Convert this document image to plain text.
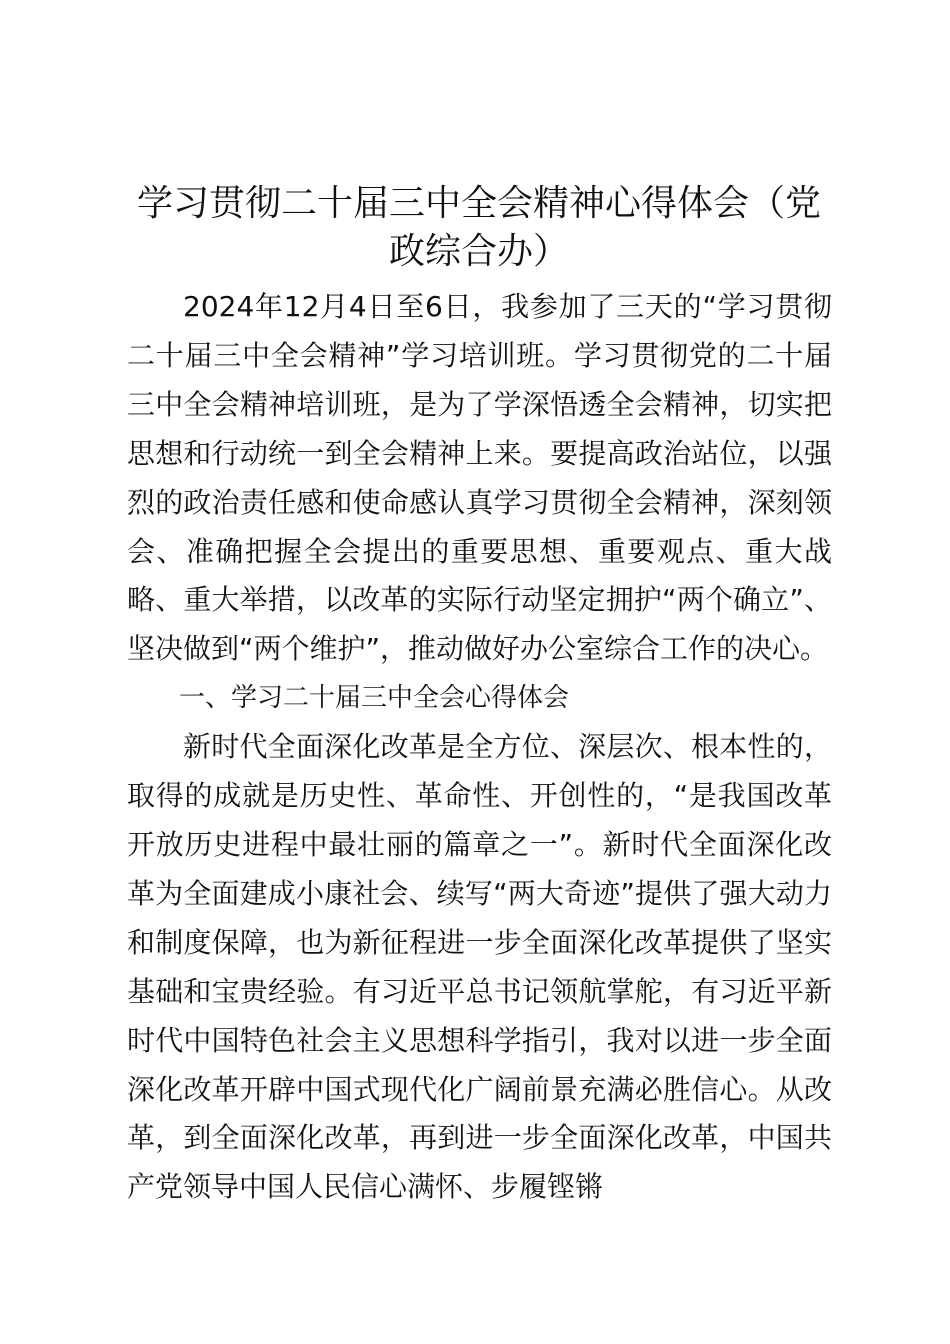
学习贯彻二十届三中全会精神心得体会（党政综合办）

2024年12月4日至6日，我参加了三天的“学习贯彻二十届三中全会精神”学习培训班。学习贯彻党的二十届三中全会精神培训班，是为了学深悟透全会精神，切实把思想和行动统一到全会精神上来。要提高政治站位，以强烈的政治责任感和使命感认真学习贯彻全会精神，深刻领会、准确把握全会提出的重要思想、重要观点、重大战略、重大举措，以改革的实际行动坚定拥护“两个确立”、坚决做到“两个维护”，推动做好办公室综合工作的决心。

一、学习二十届三中全会心得体会

新时代全面深化改革是全方位、深层次、根本性的，取得的成就是历史性、革命性、开创性的，“是我国改革开放历史进程中最壮丽的篇章之一”。新时代全面深化改革为全面建成小康社会、续写“两大奇迹”提供了强大动力和制度保障，也为新征程进一步全面深化改革提供了坚实基础和宝贵经验。有习近平总书记领航掌舵，有习近平新时代中国特色社会主义思想科学指引，我对以进一步全面深化改革开辟中国式现代化广阔前景充满必胜信心。从改革，到全面深化改革，再到进一步全面深化改革，中国共产党领导中国人民信心满怀、步履铿锵
